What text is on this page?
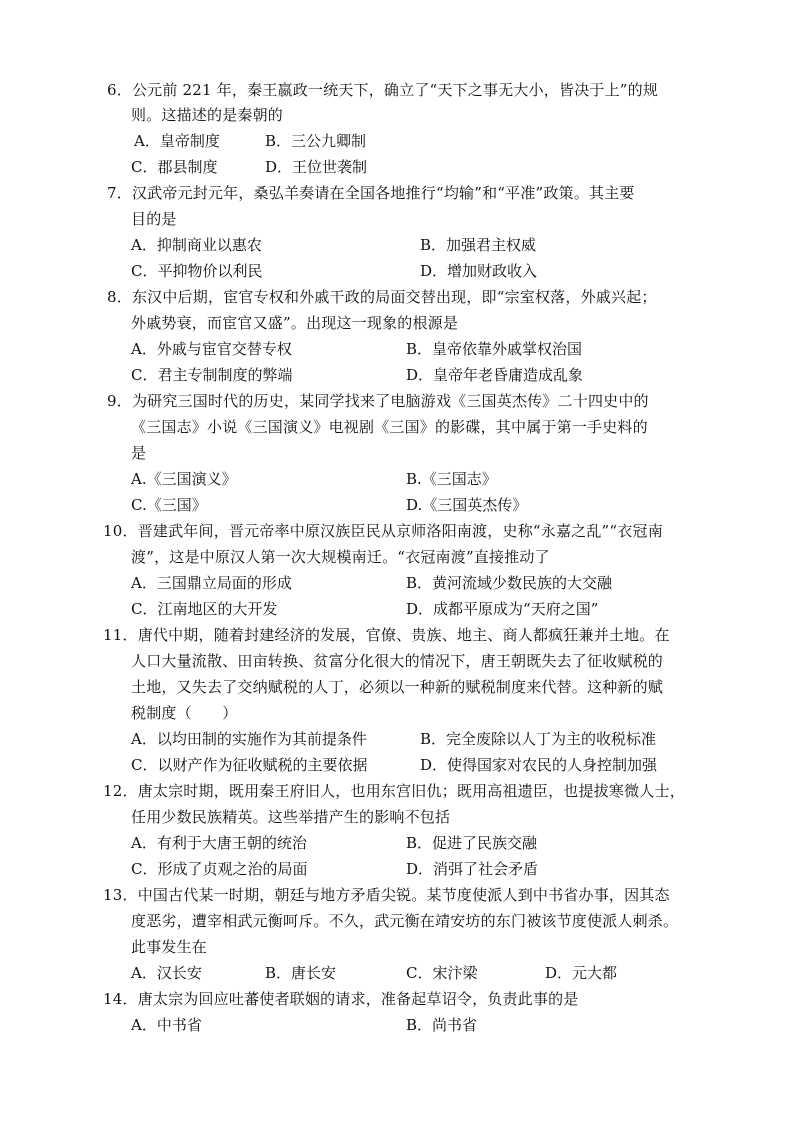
6．公元前 221 年，秦王嬴政一统天下，确立了“天下之事无大小，皆决于上”的规
则。这描述的是秦朝的
A．皇帝制度	B．三公九卿制
C．郡县制度	D．王位世袭制
7．汉武帝元封元年，桑弘羊奏请在全国各地推行“均输”和“平准”政策。其主要
目的是
A．抑制商业以惠农	B．加强君主权威
C．平抑物价以利民	D．增加财政收入
8．东汉中后期，宦官专权和外戚干政的局面交替出现，即“宗室权落，外戚兴起；
外戚势衰，而宦官又盛”。出现这一现象的根源是
A．外戚与宦官交替专权	B．皇帝依靠外戚掌权治国
C．君主专制制度的弊端	D．皇帝年老昏庸造成乱象
9．为研究三国时代的历史，某同学找来了电脑游戏《三国英杰传》二十四史中的
《三国志》小说《三国演义》电视剧《三国》的影碟，其中属于第一手史料的
是
A.《三国演义》	B.《三国志》
C.《三国》	D.《三国英杰传》
10．晋建武年间，晋元帝率中原汉族臣民从京师洛阳南渡，史称“永嘉之乱”“衣冠南
渡”，这是中原汉人第一次大规模南迁。“衣冠南渡”直接推动了
A．三国鼎立局面的形成	B．黄河流域少数民族的大交融
C．江南地区的大开发	D．成都平原成为“天府之国”
11．唐代中期，随着封建经济的发展，官僚、贵族、地主、商人都疯狂兼并土地。在
人口大量流散、田亩转换、贫富分化很大的情况下，唐王朝既失去了征收赋税的
土地，又失去了交纳赋税的人丁，必须以一种新的赋税制度来代替。这种新的赋
税制度（　　）
A．以均田制的实施作为其前提条件	B．完全废除以人丁为主的收税标准
C．以财产作为征收赋税的主要依据	D．使得国家对农民的人身控制加强
12．唐太宗时期，既用秦王府旧人，也用东宫旧仇；既用高祖遗臣，也提拔寒微人士，
任用少数民族精英。这些举措产生的影响不包括
A．有利于大唐王朝的统治	B．促进了民族交融
C．形成了贞观之治的局面	D．消弭了社会矛盾
13．中国古代某一时期，朝廷与地方矛盾尖锐。某节度使派人到中书省办事，因其态
度恶劣，遭宰相武元衡呵斥。不久，武元衡在靖安坊的东门被该节度使派人刺杀。
此事发生在
A．汉长安	B．唐长安	C．宋汴梁	D．元大都
14．唐太宗为回应吐蕃使者联姻的请求，准备起草诏令，负责此事的是
A．中书省	B．尚书省
